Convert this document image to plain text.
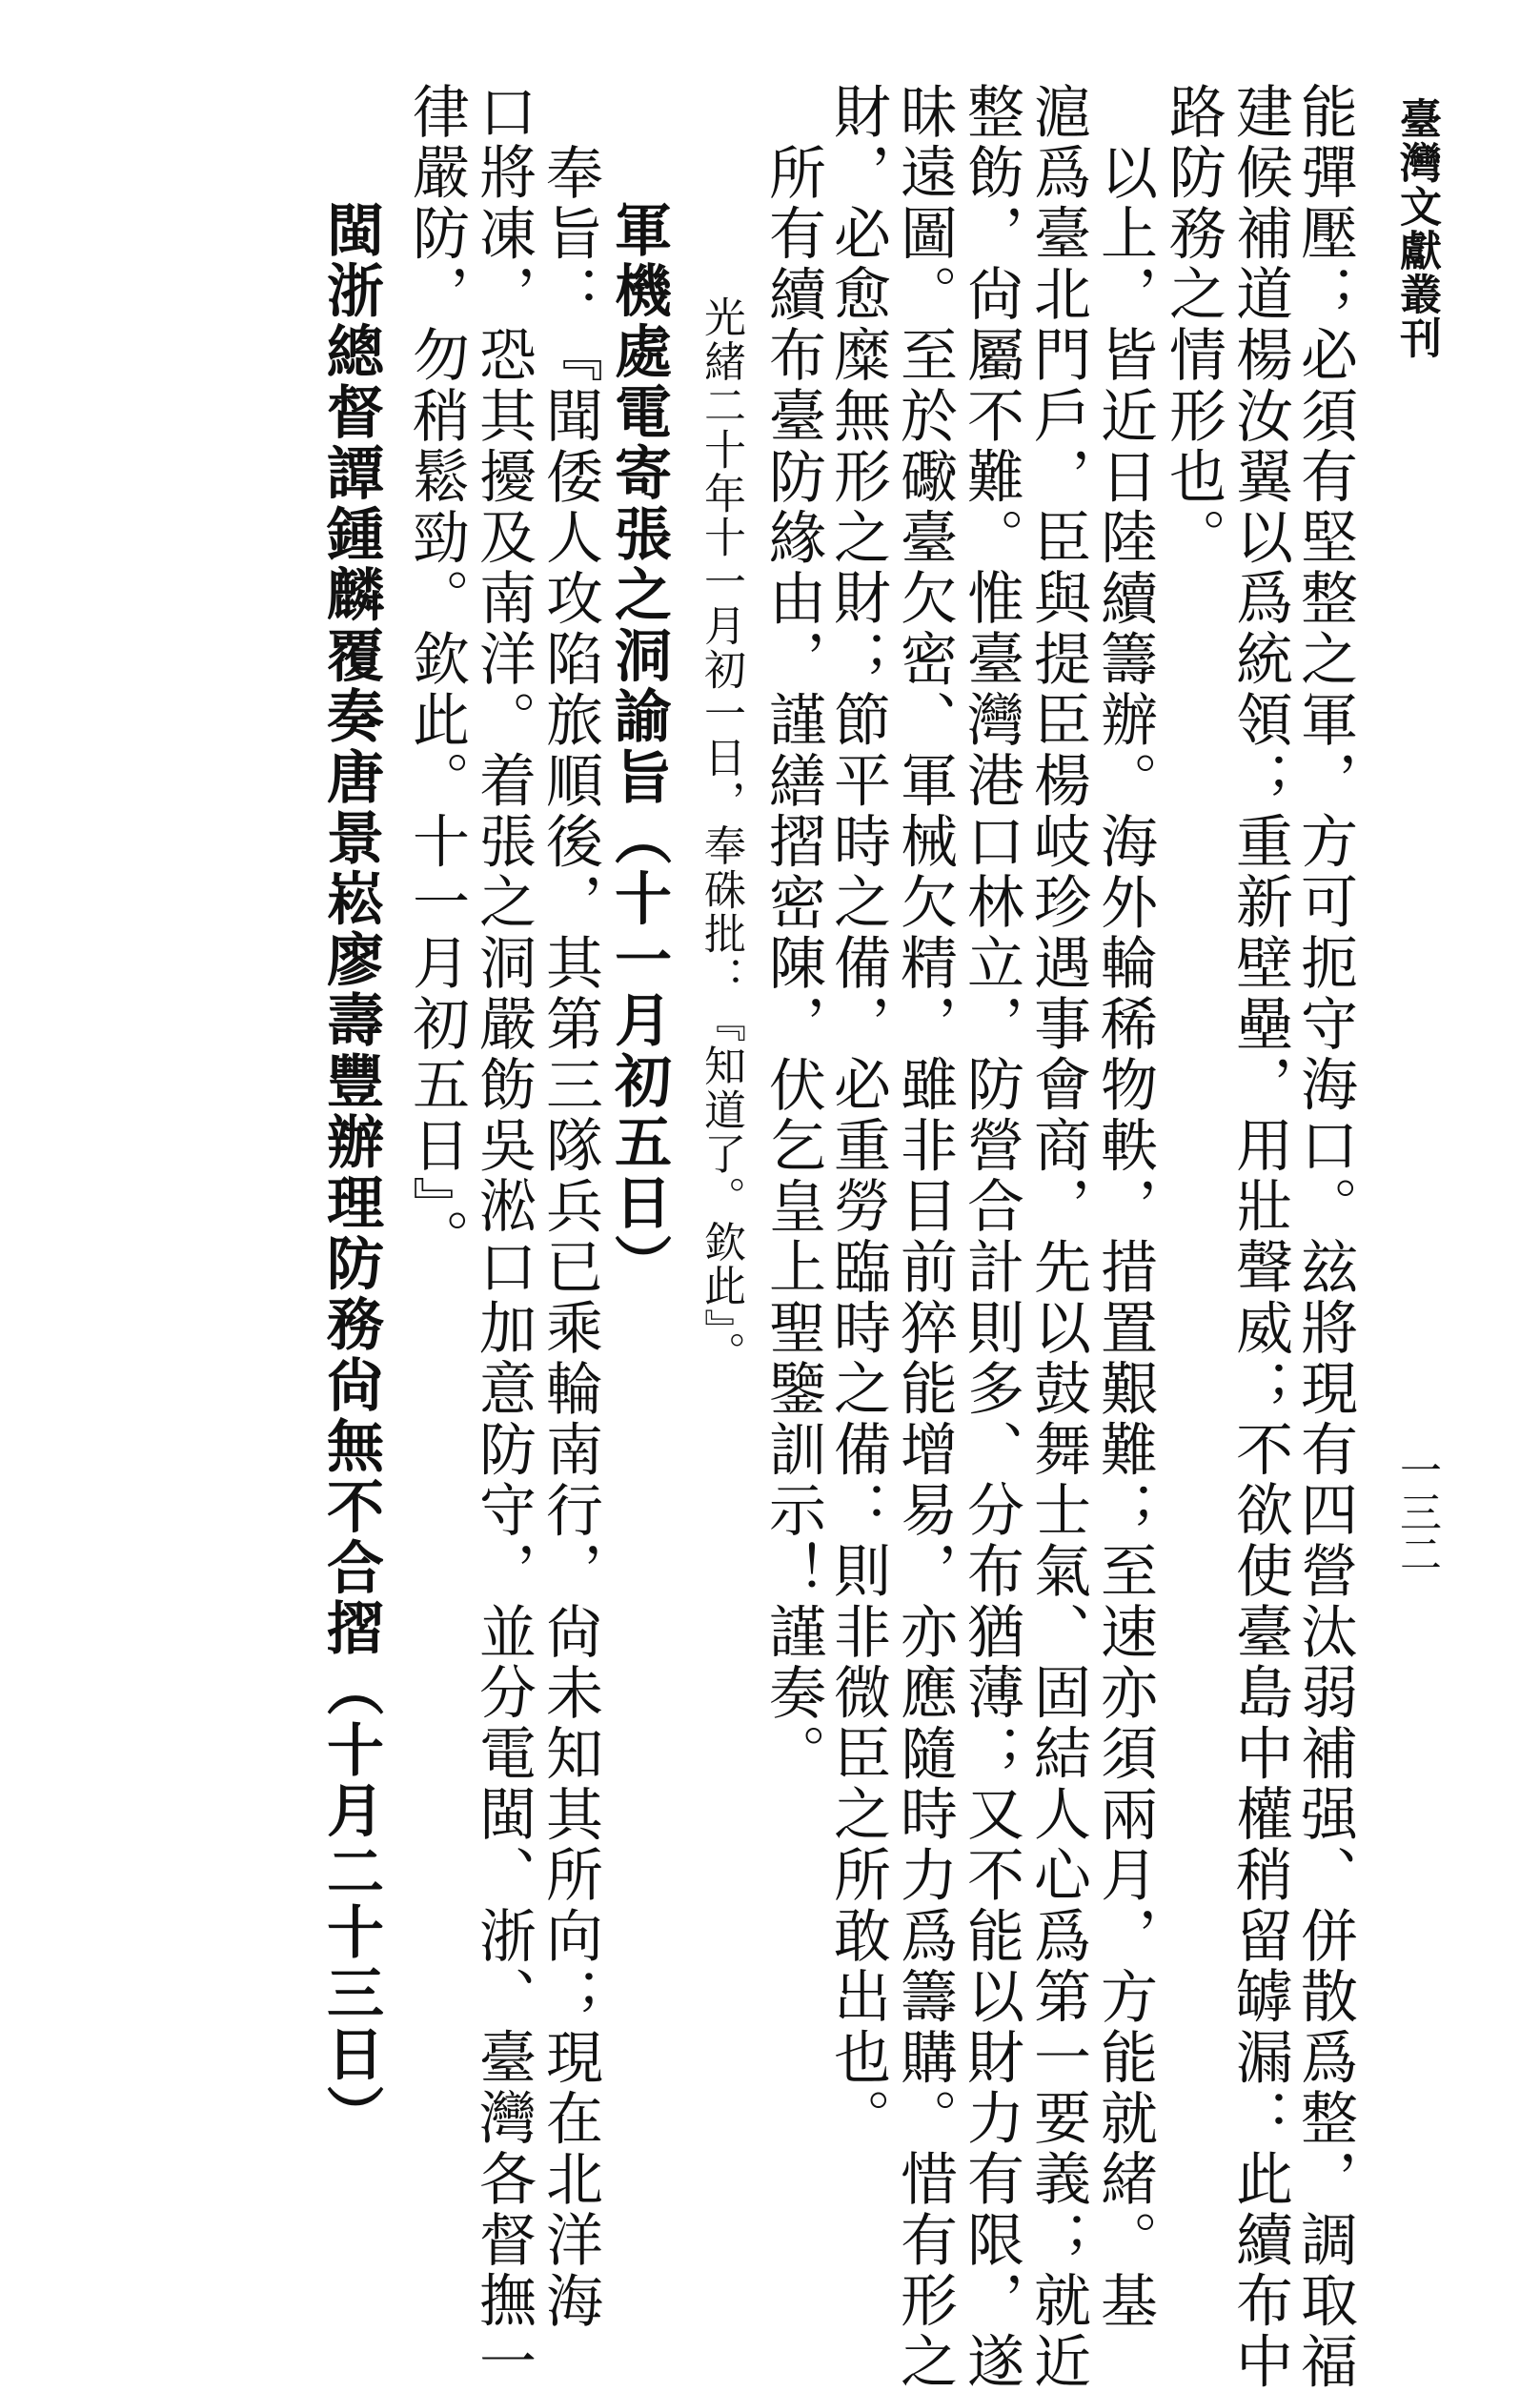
臺灣文獻叢刊
一三二
能彈壓；必須有堅整之軍，方可扼守海口。玆將現有四營汰弱補强、併散爲整，調取福
建候補道楊汝翼以爲統領；重新壁壘，用壯聲威；不欲使臺島中權稍留罅漏：此續布中
路防務之情形也。
以上，皆近日陸續籌辦。海外輪稀物軼，措置艱難；至速亦須兩月，方能就緒。基
滬爲臺北門戶，臣與提臣楊岐珍遇事會商，先以鼓舞士氣、固結人心爲第一要義；就近
整飭，尙屬不難。惟臺灣港口林立，防營合計則多、分布猶薄；又不能以財力有限，遂
昧遠圖。至於礮臺欠密、軍械欠精，雖非目前猝能增易，亦應隨時力爲籌購。惜有形之
財，必愈糜無形之財；節平時之備，必重勞臨時之備：則非微臣之所敢出也。
所有續布臺防緣由，謹繕摺密陳，伏乞皇上聖鑒訓示！謹奏。
光緒二十年十一月初一日，奉硃批：『知道了。欽此』。
軍機處電寄張之洞諭旨（十一月初五日）
奉旨：『聞倭人攻陷旅順後，其第三隊兵已乘輪南行，尙未知其所向；現在北洋海
口將凍，恐其擾及南洋。着張之洞嚴飭吳淞口加意防守，並分電閩、浙、臺灣各督撫一
律嚴防，勿稍鬆勁。欽此。十一月初五日』。
閩浙總督譚鍾麟覆奏唐景崧廖壽豐辦理防務尙無不合摺（十月二十三日）
